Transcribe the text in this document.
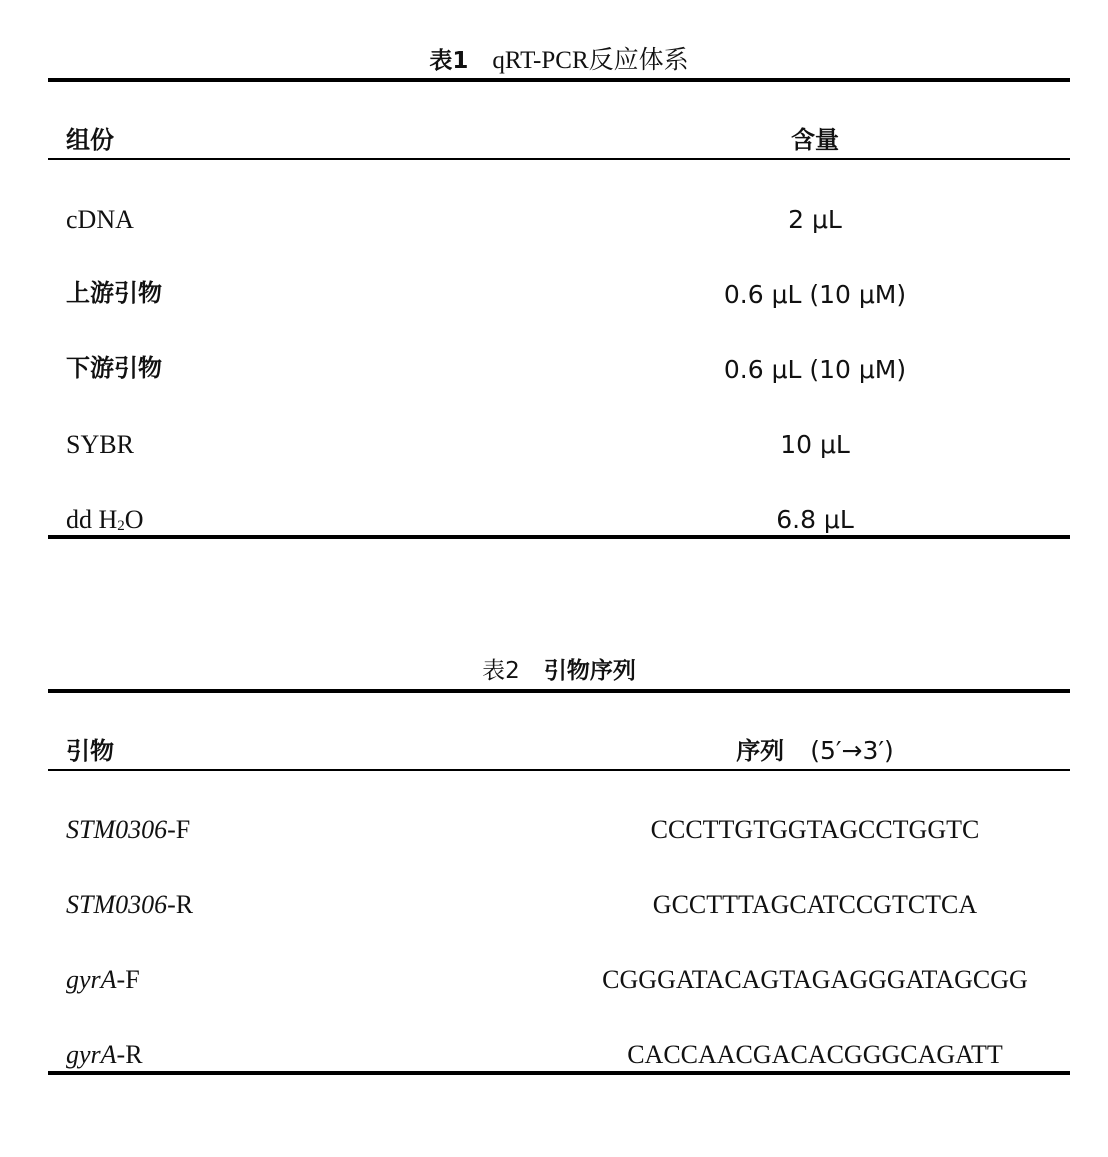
表1 qRT-PCR反应体系
组份	含量
cDNA	2 μL
上游引物	0.6 μL (10 μM)
下游引物	0.6 μL (10 μM)
SYBR	10 μL
dd $H_2O$	6.8 μL
表2 引物序列
引物	序列 (5′→3′)
STM0306-F	CCCTTGTGGTAGCCTGGTC
STM0306-R	GCCTTTAGCATCCGTCTCA
gyrA-F	CGGGATACAGTAGAGGGATAGCGG
gyrA-R	CACCAACGACACGGGCAGATT
